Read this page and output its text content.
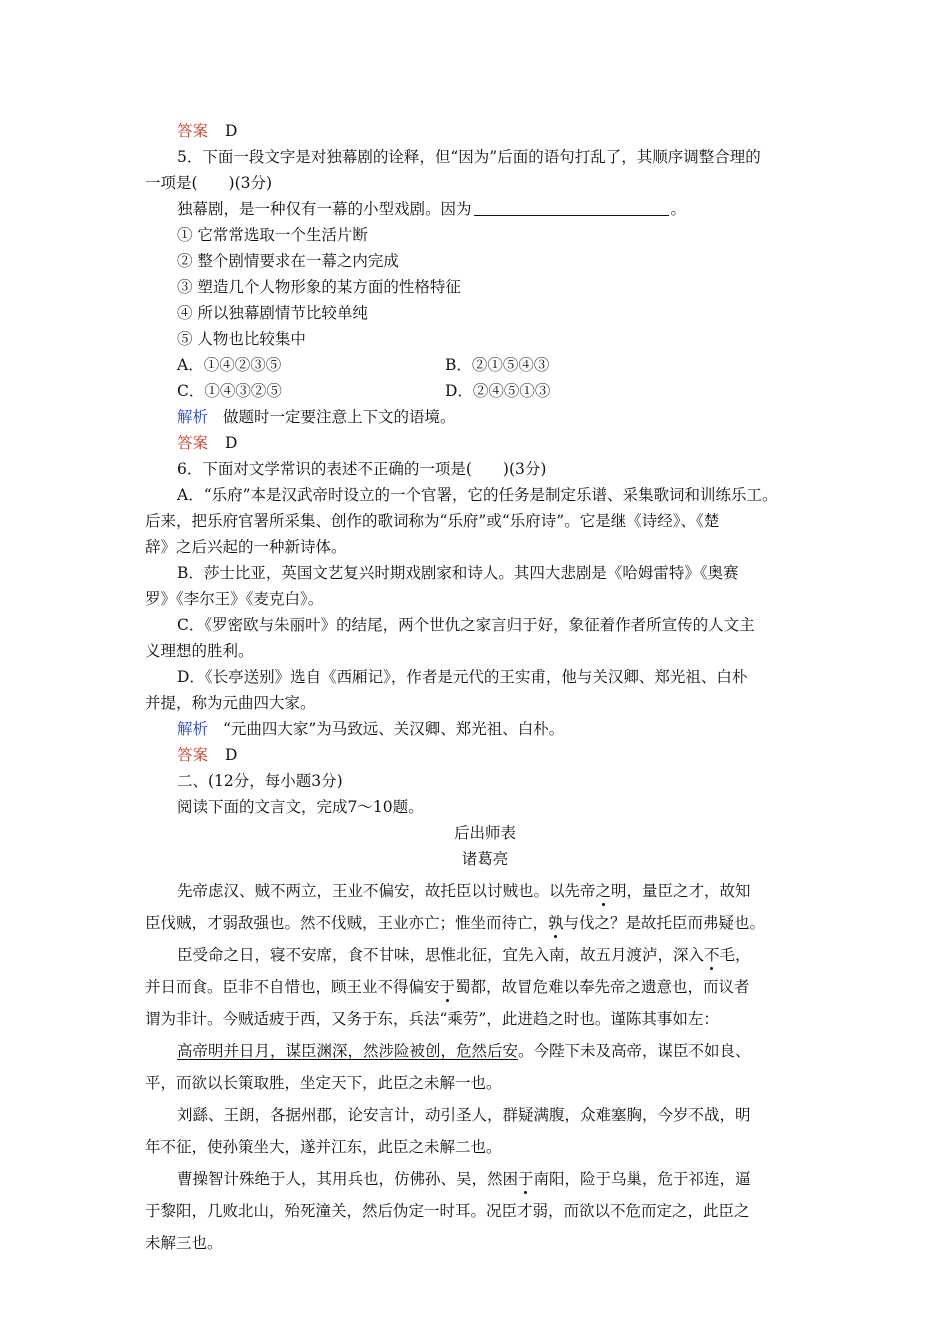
答案 D
5．下面一段文字是对独幕剧的诠释，但“因为”后面的语句打乱了，其顺序调整合理的
一项是(　　)(3分)
独幕剧，是一种仅有一幕的小型戏剧。因为	。
① 它常常选取一个生活片断
② 整个剧情要求在一幕之内完成
③ 塑造几个人物形象的某方面的性格特征
④ 所以独幕剧情节比较单纯
⑤ 人物也比较集中
A．①④②③⑤	B．②①⑤④③
C．①④③②⑤	D．②④⑤①③
解析 做题时一定要注意上下文的语境。
答案 D
6．下面对文学常识的表述不正确的一项是(　　)(3分)
A．“乐府”本是汉武帝时设立的一个官署，它的任务是制定乐谱、采集歌词和训练乐工。
后来，把乐府官署所采集、创作的歌词称为“乐府”或“乐府诗”。它是继《诗经》、《楚
辞》之后兴起的一种新诗体。
B．莎士比亚，英国文艺复兴时期戏剧家和诗人。其四大悲剧是《哈姆雷特》《奥赛
罗》《李尔王》《麦克白》。
C．《罗密欧与朱丽叶》的结尾，两个世仇之家言归于好，象征着作者所宣传的人文主
义理想的胜利。
D．《长亭送别》选自《西厢记》，作者是元代的王实甫，他与关汉卿、郑光祖、白朴
并提，称为元曲四大家。
解析 “元曲四大家”为马致远、关汉卿、郑光祖、白朴。
答案 D
二、(12分，每小题3分)
阅读下面的文言文，完成7～10题。
后出师表
诸葛亮
先帝虑汉、贼不两立，王业不偏安，故托臣以讨贼也。以先帝之明，量臣之才，故知
臣伐贼，才弱敌强也。然不伐贼，王业亦亡；惟坐而待亡，孰与伐之？是故托臣而弗疑也。
臣受命之日，寝不安席，食不甘味，思惟北征，宜先入南，故五月渡泸，深入不毛，
并日而食。臣非不自惜也，顾王业不得偏安于蜀都，故冒危难以奉先帝之遗意也，而议者
谓为非计。今贼适疲于西，又务于东，兵法“乘劳”，此进趋之时也。谨陈其事如左：
高帝明并日月，谋臣渊深，然涉险被创，危然后安。今陛下未及高帝，谋臣不如良、
平，而欲以长策取胜，坐定天下，此臣之未解一也。
刘繇、王朗，各据州郡，论安言计，动引圣人，群疑满腹，众难塞胸，今岁不战，明
年不征，使孙策坐大，遂并江东，此臣之未解二也。
曹操智计殊绝于人，其用兵也，仿佛孙、吴，然困于南阳，险于乌巢，危于祁连，逼
于黎阳，几败北山，殆死潼关，然后伪定一时耳。况臣才弱，而欲以不危而定之，此臣之
未解三也。
